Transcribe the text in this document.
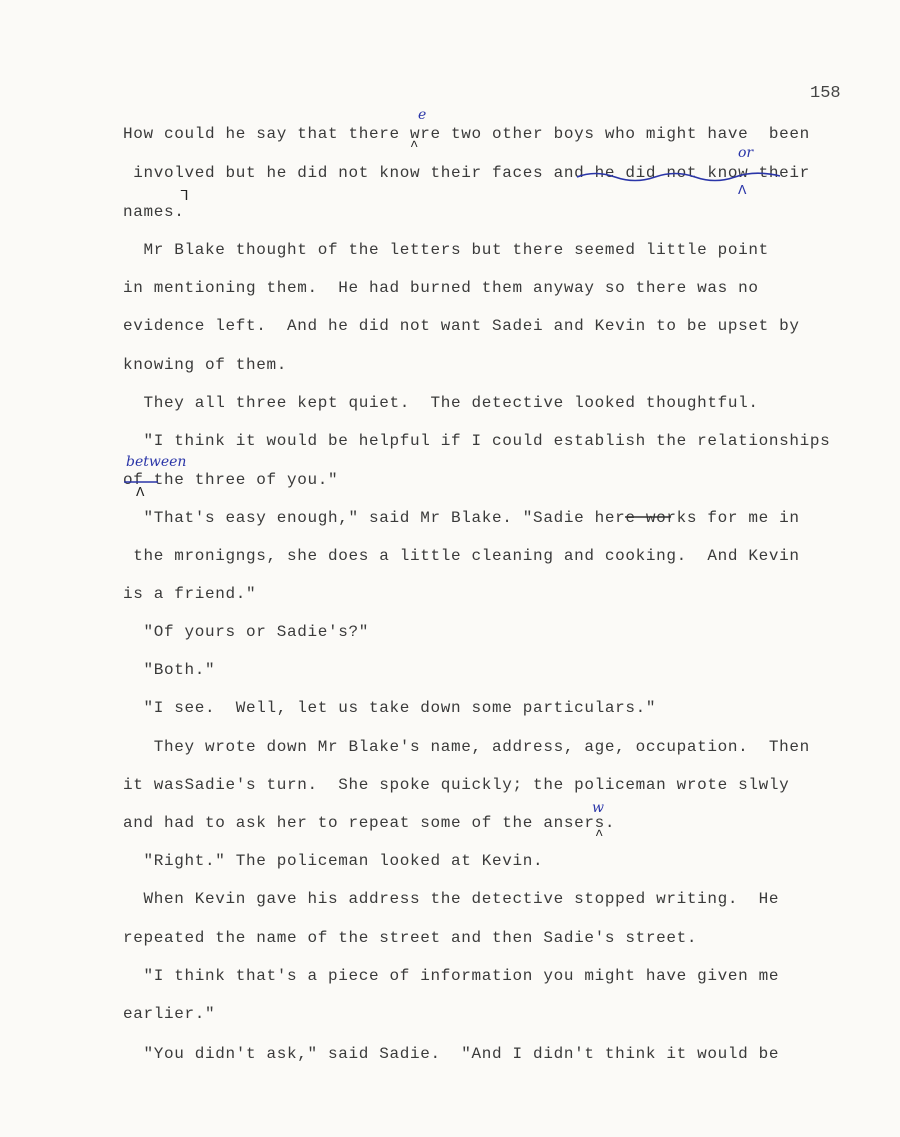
158
How could he say that there wre two other boys who might have  been
involved but he did not know their faces and he did not know their
names.
Mr Blake thought of the letters but there seemed little point
in mentioning them.  He had burned them anyway so there was no
evidence left.  And he did not want Sadei and Kevin to be upset by
knowing of them.
They all three kept quiet.  The detective looked thoughtful.
"I think it would be helpful if I could establish the relationships
of the three of you."
"That's easy enough," said Mr Blake. "Sadie here works for me in
the mronigngs, she does a little cleaning and cooking.  And Kevin
is a friend."
"Of yours or Sadie's?"
"Both."
"I see.  Well, let us take down some particulars."
They wrote down Mr Blake's name, address, age, occupation.  Then
it wasSadie's turn.  She spoke quickly; the policeman wrote slwly
and had to ask her to repeat some of the ansers.
"Right." The policeman looked at Kevin.
When Kevin gave his address the detective stopped writing.  He
repeated the name of the street and then Sadie's street.
"I think that's a piece of information you might have given me
earlier."
"You didn't ask," said Sadie.  "And I didn't think it would be
e
^	or
Λ
ᒣ
between
Λ
w
^
